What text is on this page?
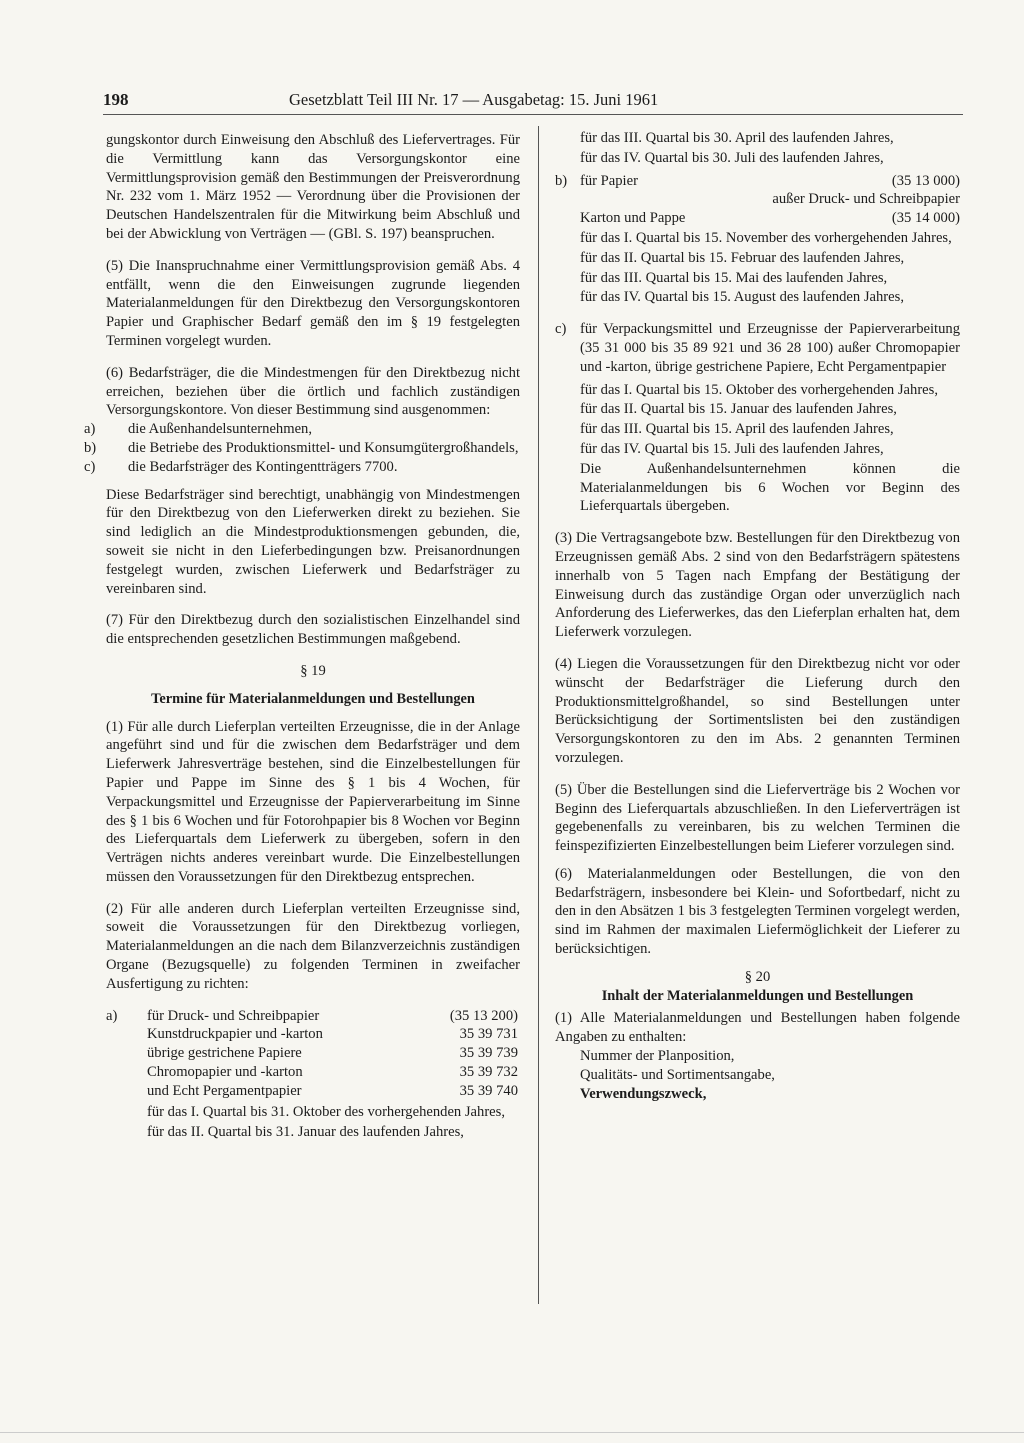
198	Gesetzblatt Teil III Nr. 17 — Ausgabetag: 15. Juni 1961

gungskontor durch Einweisung den Abschluß des Liefervertrages. Für die Vermittlung kann das Versorgungskontor eine Vermittlungsprovision gemäß den Bestimmungen der Preisverordnung Nr. 232 vom 1. März 1952 — Verordnung über die Provisionen der Deutschen Handelszentralen für die Mitwirkung beim Abschluß und bei der Abwicklung von Verträgen — (GBl. S. 197) beanspruchen.

(5) Die Inanspruchnahme einer Vermittlungsprovision gemäß Abs. 4 entfällt, wenn die den Einweisungen zugrunde liegenden Materialanmeldungen für den Direktbezug den Versorgungskontoren Papier und Graphischer Bedarf gemäß den im § 19 festgelegten Terminen vorgelegt wurden.

(6) Bedarfsträger, die die Mindestmengen für den Direktbezug nicht erreichen, beziehen über die örtlich und fachlich zuständigen Versorgungskontore. Von dieser Bestimmung sind ausgenommen:

a) die Außenhandelsunternehmen,
b) die Betriebe des Produktionsmittel- und Konsumgütergroßhandels,
c) die Bedarfsträger des Kontingentträgers 7700.

Diese Bedarfsträger sind berechtigt, unabhängig von Mindestmengen für den Direktbezug von den Lieferwerken direkt zu beziehen. Sie sind lediglich an die Mindestproduktionsmengen gebunden, die, soweit sie nicht in den Lieferbedingungen bzw. Preisanordnungen festgelegt wurden, zwischen Lieferwerk und Bedarfsträger zu vereinbaren sind.

(7) Für den Direktbezug durch den sozialistischen Einzelhandel sind die entsprechenden gesetzlichen Bestimmungen maßgebend.

§ 19

Termine für Materialanmeldungen und Bestellungen

(1) Für alle durch Lieferplan verteilten Erzeugnisse, die in der Anlage angeführt sind und für die zwischen dem Bedarfsträger und dem Lieferwerk Jahresverträge bestehen, sind die Einzelbestellungen für Papier und Pappe im Sinne des § 1 bis 4 Wochen, für Verpackungsmittel und Erzeugnisse der Papierverarbeitung im Sinne des § 1 bis 6 Wochen und für Fotorohpapier bis 8 Wochen vor Beginn des Lieferquartals dem Lieferwerk zu übergeben, sofern in den Verträgen nichts anderes vereinbart wurde. Die Einzelbestellungen müssen den Voraussetzungen für den Direktbezug entsprechen.

(2) Für alle anderen durch Lieferplan verteilten Erzeugnisse sind, soweit die Voraussetzungen für den Direktbezug vorliegen, Materialanmeldungen an die nach dem Bilanzverzeichnis zuständigen Organe (Bezugsquelle) zu folgenden Terminen in zweifacher Ausfertigung zu richten:

a)	für Druck- und Schreibpapier	(35 13 200)
Kunstdruckpapier und -karton	35 39 731
übrige gestrichene Papiere	35 39 739
Chromopapier und -karton	35 39 732
und Echt Pergamentpapier	35 39 740

für das I. Quartal bis 31. Oktober des vorhergehenden Jahres,

für das II. Quartal bis 31. Januar des laufenden Jahres,

für das III. Quartal bis 30. April des laufenden Jahres,

für das IV. Quartal bis 30. Juli des laufenden Jahres,

b) für Papier	(35 13 000)
außer Druck- und Schreibpapier
Karton und Pappe	(35 14 000)

für das I. Quartal bis 15. November des vorhergehenden Jahres,

für das II. Quartal bis 15. Februar des laufenden Jahres,

für das III. Quartal bis 15. Mai des laufenden Jahres,

für das IV. Quartal bis 15. August des laufenden Jahres,

c) für Verpackungsmittel und Erzeugnisse der Papierverarbeitung (35 31 000 bis 35 89 921 und 36 28 100) außer Chromopapier und -karton, übrige gestrichene Papiere, Echt Pergamentpapier

für das I. Quartal bis 15. Oktober des vorhergehenden Jahres,

für das II. Quartal bis 15. Januar des laufenden Jahres,

für das III. Quartal bis 15. April des laufenden Jahres,

für das IV. Quartal bis 15. Juli des laufenden Jahres,

Die Außenhandelsunternehmen können die Materialanmeldungen bis 6 Wochen vor Beginn des Lieferquartals übergeben.

(3) Die Vertragsangebote bzw. Bestellungen für den Direktbezug von Erzeugnissen gemäß Abs. 2 sind von den Bedarfsträgern spätestens innerhalb von 5 Tagen nach Empfang der Bestätigung der Einweisung durch das zuständige Organ oder unverzüglich nach Anforderung des Lieferwerkes, das den Lieferplan erhalten hat, dem Lieferwerk vorzulegen.

(4) Liegen die Voraussetzungen für den Direktbezug nicht vor oder wünscht der Bedarfsträger die Lieferung durch den Produktionsmittelgroßhandel, so sind Bestellungen unter Berücksichtigung der Sortimentslisten bei den zuständigen Versorgungskontoren zu den im Abs. 2 genannten Terminen vorzulegen.

(5) Über die Bestellungen sind die Lieferverträge bis 2 Wochen vor Beginn des Lieferquartals abzuschließen. In den Lieferverträgen ist gegebenenfalls zu vereinbaren, bis zu welchen Terminen die feinspezifizierten Einzelbestellungen beim Lieferer vorzulegen sind.

(6) Materialanmeldungen oder Bestellungen, die von den Bedarfsträgern, insbesondere bei Klein- und Sofortbedarf, nicht zu den in den Absätzen 1 bis 3 festgelegten Terminen vorgelegt werden, sind im Rahmen der maximalen Liefermöglichkeit der Lieferer zu berücksichtigen.

§ 20

Inhalt der Materialanmeldungen und Bestellungen

(1) Alle Materialanmeldungen und Bestellungen haben folgende Angaben zu enthalten:

Nummer der Planposition,
Qualitäts- und Sortimentsangabe,
Verwendungszweck,
